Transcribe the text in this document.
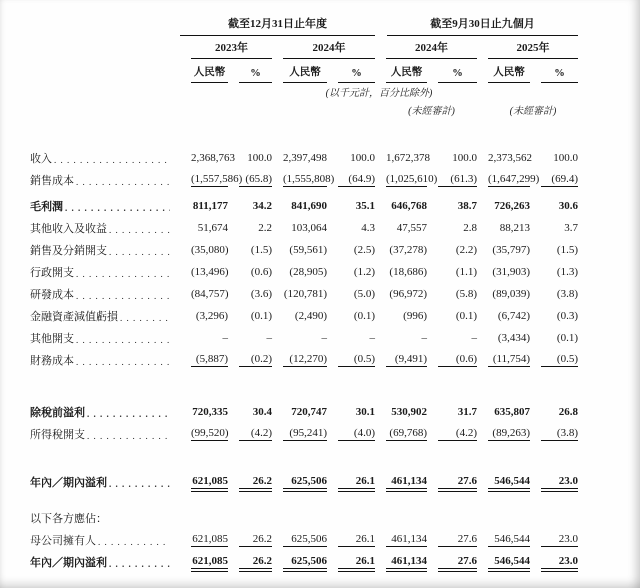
	截至12月31日止年度				截至9月30日止九個月			

	2023年		2024年		2024年		2025年	

	人民幣	%	人民幣	%	人民幣	%	人民幣	%

	(以千元計，百分比除外)							

					(未經審計)		(未經審計)	

收入
. . .	2,368,763	100.0	2,397,498	100.0	1,672,378	100.0	2,373,562	100.0

銷售成本
. . .	(1,557,586)	(65.8)	(1,555,808)	(64.9)	(1,025,610)	(61.3)	(1,647,299)	(69.4)

毛利潤
. . .	811,177	34.2	841,690	35.1	646,768	38.7	726,263	30.6

其他收入及收益
. . .	51,674	2.2	103,064	4.3	47,557	2.8	88,213	3.7

銷售及分銷開支
. . .	(35,080)	(1.5)	(59,561)	(2.5)	(37,278)	(2.2)	(35,797)	(1.5)

行政開支
. . .	(13,496)	(0.6)	(28,905)	(1.2)	(18,686)	(1.1)	(31,903)	(1.3)

研發成本
. . .	(84,757)	(3.6)	(120,781)	(5.0)	(96,972)	(5.8)	(89,039)	(3.8)

金融資產減值虧損
. . .	(3,296)	(0.1)	(2,490)	(0.1)	(996)	(0.1)	(6,742)	(0.3)

其他開支
. . .	–	–	–	–	–	–	(3,434)	(0.1)

財務成本
. . .	(5,887)	(0.2)	(12,270)	(0.5)	(9,491)	(0.6)	(11,754)	(0.5)

除稅前溢利
. . .	720,335	30.4	720,747	30.1	530,902	31.7	635,807	26.8

所得稅開支
. . .	(99,520)	(4.2)	(95,241)	(4.0)	(69,768)	(4.2)	(89,263)	(3.8)

年內／期內溢利
. . .	621,085	26.2	625,506	26.1	461,134	27.6	546,544	23.0

以下各方應佔：								

母公司擁有人
. . .	621,085	26.2	625,506	26.1	461,134	27.6	546,544	23.0

年內／期內溢利
. . .	621,085	26.2	625,506	26.1	461,134	27.6	546,544	23.0
